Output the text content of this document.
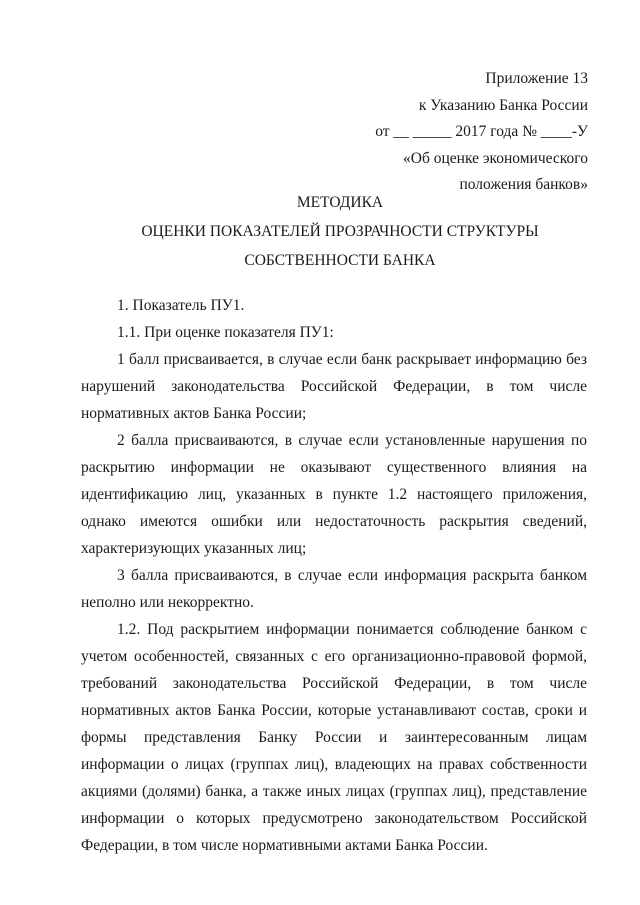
Приложение 13
к Указанию Банка России
от __ _____ 2017 года № ____-У
«Об оценке экономического
положения банков»
МЕТОДИКА
ОЦЕНКИ ПОКАЗАТЕЛЕЙ ПРОЗРАЧНОСТИ СТРУКТУРЫ
СОБСТВЕННОСТИ БАНКА

1. Показатель ПУ1.

1.1. При оценке показателя ПУ1:

1 балл присваивается, в случае если банк раскрывает информацию без нарушений законодательства Российской Федерации, в том числе нормативных актов Банка России;

2 балла присваиваются, в случае если установленные нарушения по раскрытию информации не оказывают существенного влияния на идентификацию лиц, указанных в пункте 1.2 настоящего приложения, однако имеются ошибки или недостаточность раскрытия сведений, характеризующих указанных лиц;

3 балла присваиваются, в случае если информация раскрыта банком неполно или некорректно.

1.2. Под раскрытием информации понимается соблюдение банком с учетом особенностей, связанных с его организационно-правовой формой, требований законодательства Российской Федерации, в том числе нормативных актов Банка России, которые устанавливают состав, сроки и формы представления Банку России и заинтересованным лицам информации о лицах (группах лиц), владеющих на правах собственности акциями (долями) банка, а также иных лицах (группах лиц), представление информации о которых предусмотрено законодательством Российской Федерации, в том числе нормативными актами Банка России.
